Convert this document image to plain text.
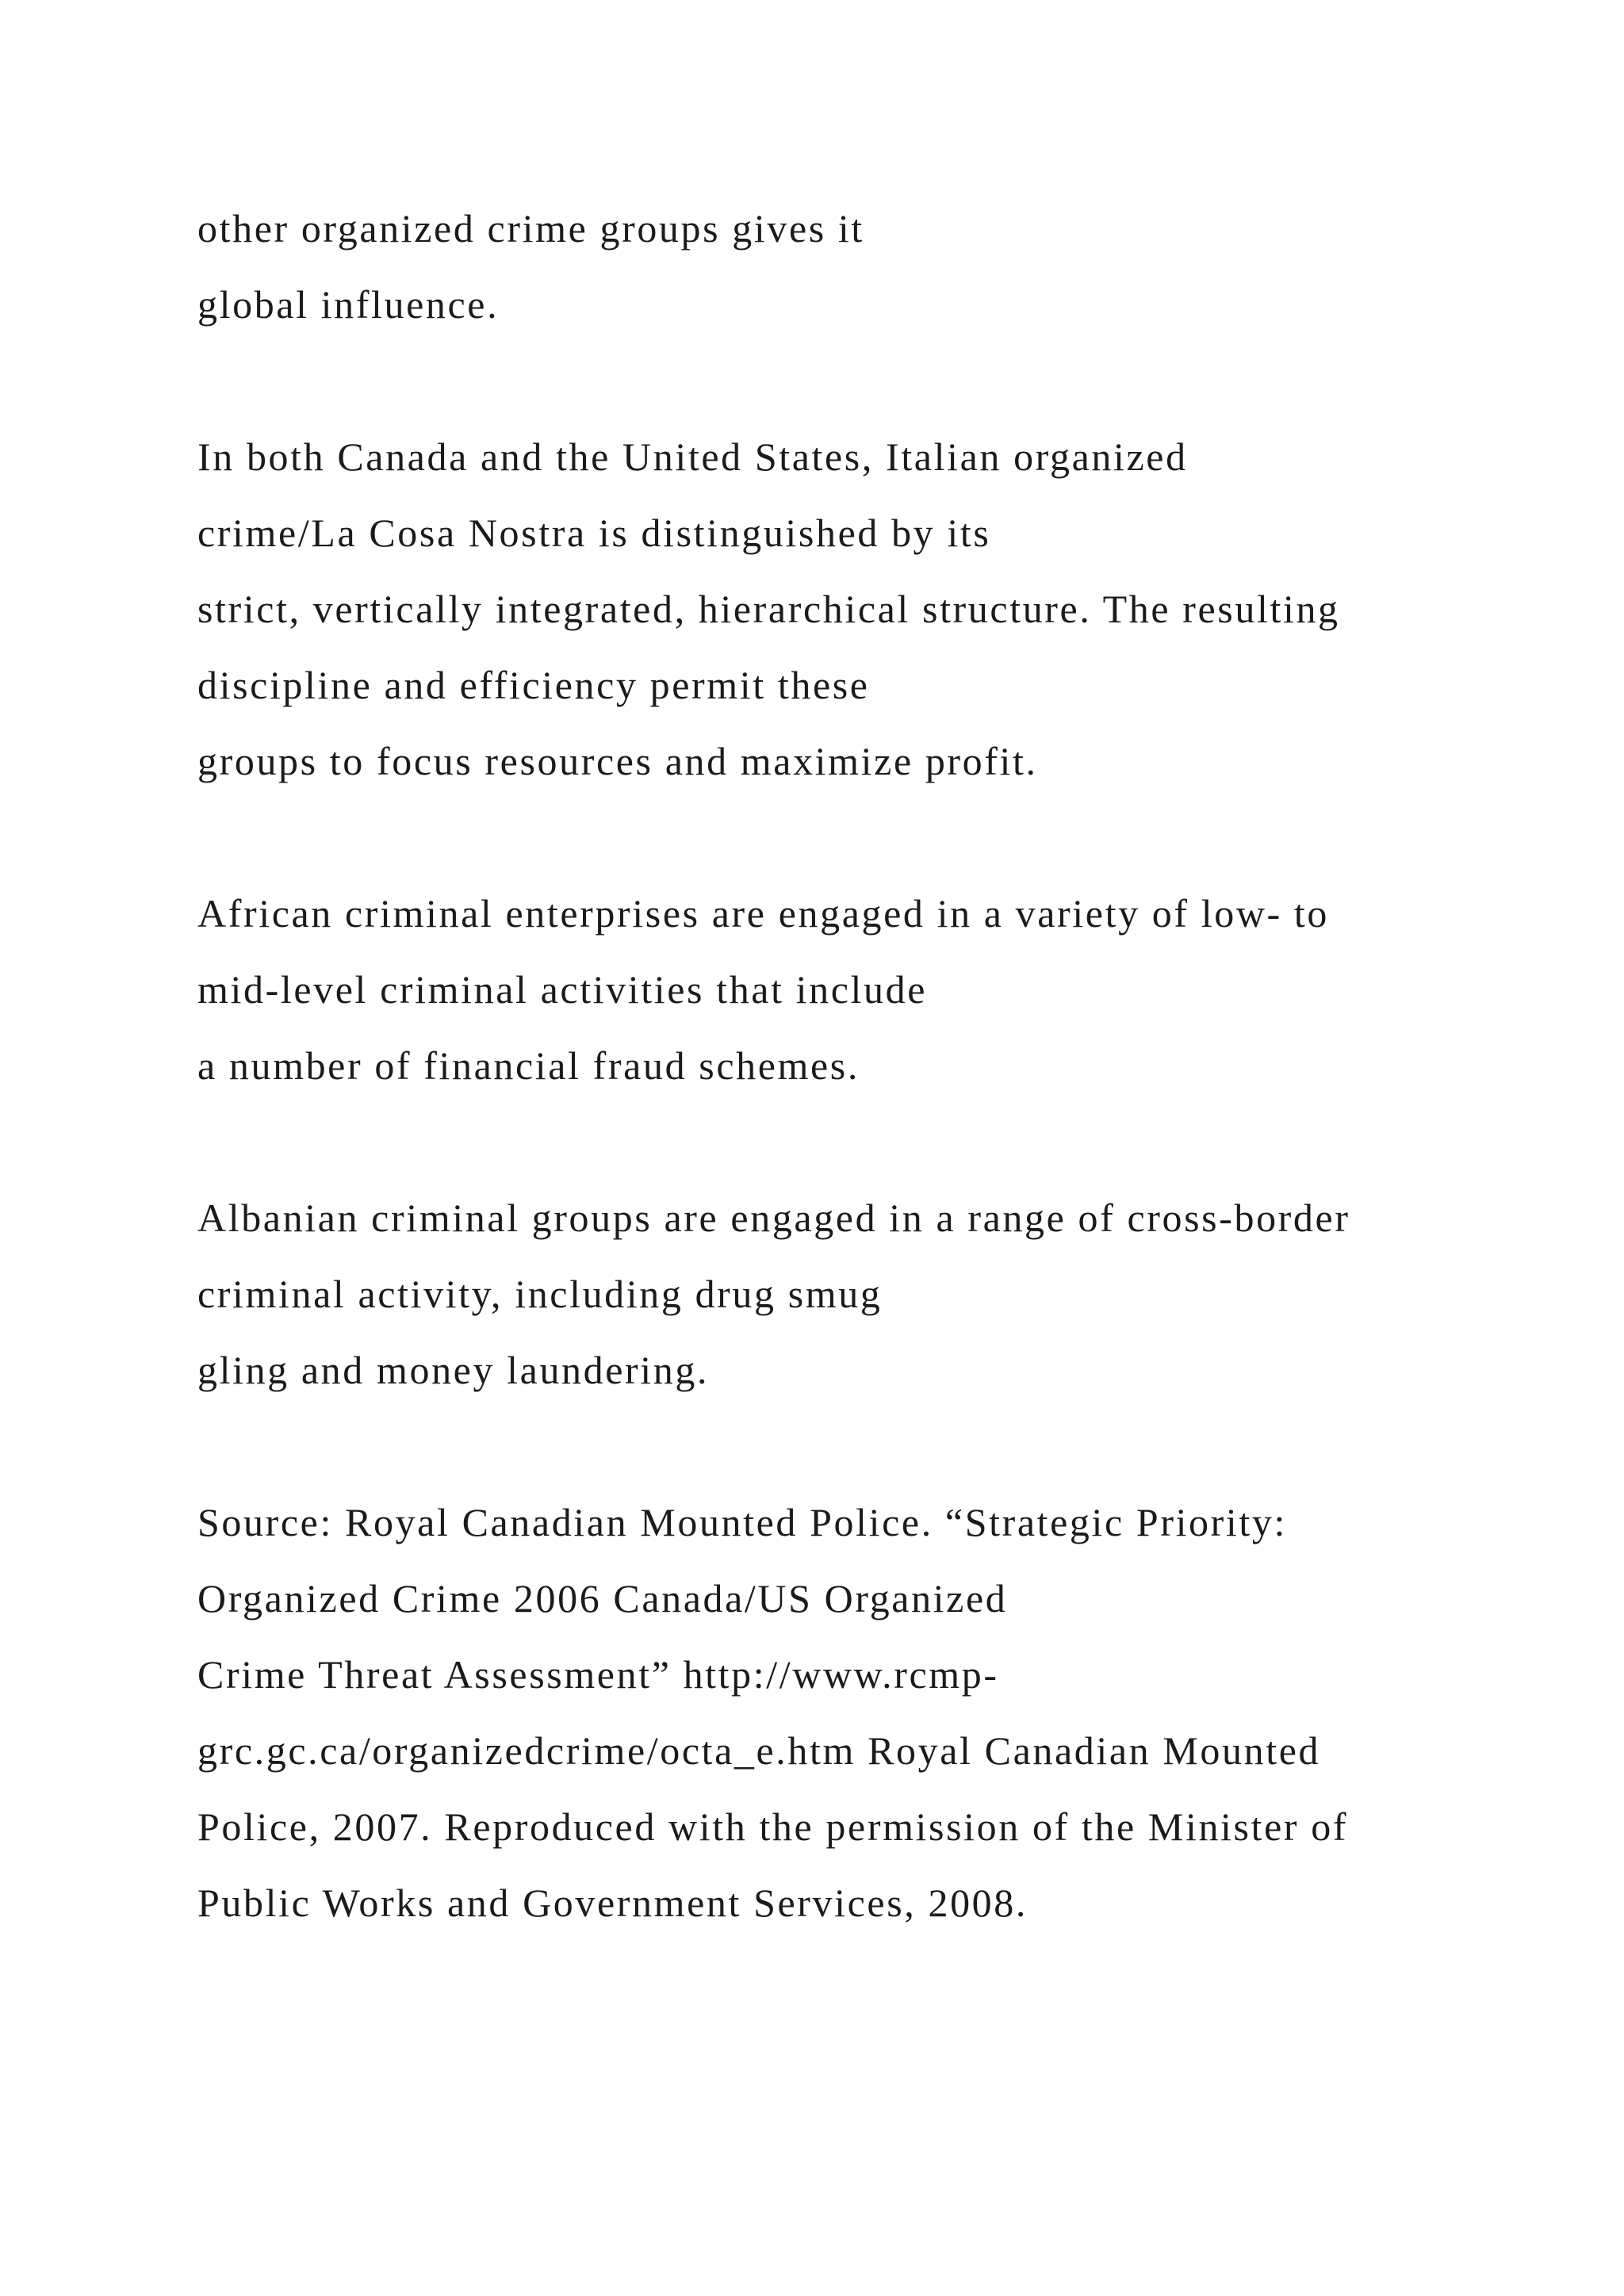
other organized crime groups gives it
global influence.
In both Canada and the United States, Italian organized
crime/La Cosa Nostra is distinguished by its
strict, vertically integrated, hierarchical structure. The resulting
discipline and efficiency permit these
groups to focus resources and maximize profit.
African criminal enterprises are engaged in a variety of low- to
mid-level criminal activities that include
a number of financial fraud schemes.
Albanian criminal groups are engaged in a range of cross-border
criminal activity, including drug smug
gling and money laundering.
Source: Royal Canadian Mounted Police. “Strategic Priority:
Organized Crime 2006 Canada/US Organized
Crime Threat Assessment” http://www.rcmp-
grc.gc.ca/organizedcrime/octa_e.htm Royal Canadian Mounted
Police, 2007. Reproduced with the permission of the Minister of
Public Works and Government Services, 2008.
